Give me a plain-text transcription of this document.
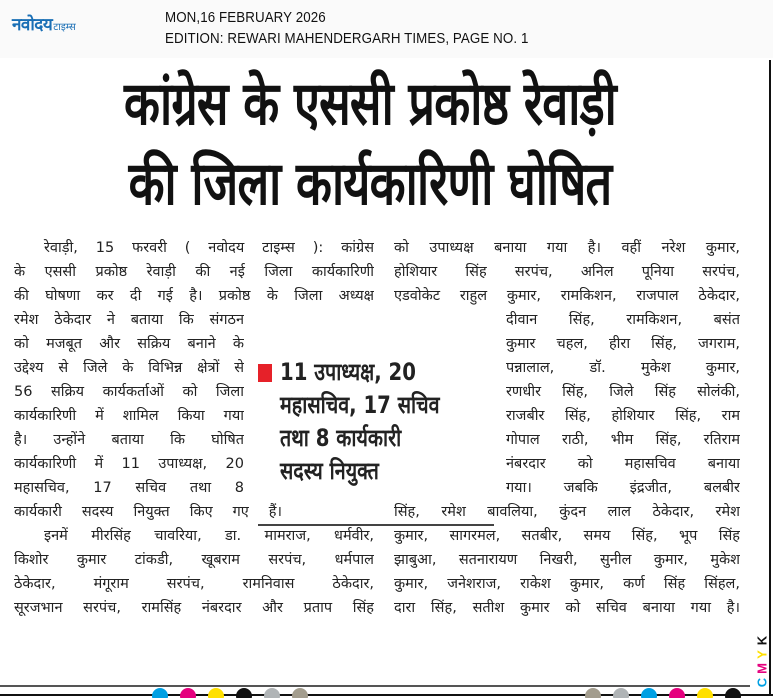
नवोदय टाइम्स
MON,16 FEBRUARY 2026
EDITION: REWARI MAHENDERGARH TIMES, PAGE NO. 1
कांग्रेस के एससी प्रकोष्ठ रेवाड़ी
की जिला कार्यकारिणी घोषित
रेवाड़ी, 15 फरवरी ( नवोदय टाइम्स ): कांग्रेस
के एससी प्रकोष्ठ रेवाड़ी की नई जिला कार्यकारिणी
की घोषणा कर दी गई है। प्रकोष्ठ के जिला अध्यक्ष
रमेश ठेकेदार ने बताया कि संगठन
को मजबूत और सक्रिय बनाने के
उद्देश्य से जिले के विभिन्न क्षेत्रों से
56 सक्रिय कार्यकर्ताओं को जिला
कार्यकारिणी में शामिल किया गया
है। उन्होंने बताया कि घोषित
कार्यकारिणी में 11 उपाध्यक्ष, 20
महासचिव, 17 सचिव तथा 8
कार्यकारी सदस्य नियुक्त किए गए हैं।
इनमें मीरसिंह चावरिया, डा. मामराज, धर्मवीर,
किशोर कुमार टांकडी, खूबराम सरपंच, धर्मपाल
ठेकेदार, मंगूराम सरपंच, रामनिवास ठेकेदार,
सूरजभान सरपंच, रामसिंह नंबरदार और प्रताप सिंह
को उपाध्यक्ष बनाया गया है। वहीं नरेश कुमार,
होशियार सिंह सरपंच, अनिल पूनिया सरपंच,
एडवोकेट राहुल कुमार, रामकिशन, राजपाल ठेकेदार,
दीवान सिंह, रामकिशन, बसंत
कुमार चहल, हीरा सिंह, जगराम,
पन्नालाल, डॉ. मुकेश कुमार,
रणधीर सिंह, जिले सिंह सोलंकी,
राजबीर सिंह, होशियार सिंह, राम
गोपाल राठी, भीम सिंह, रतिराम
नंबरदार को महासचिव बनाया
गया। जबकि इंद्रजीत, बलबीर
सिंह, रमेश बावलिया, कुंदन लाल ठेकेदार, रमेश
कुमार, सागरमल, सतबीर, समय सिंह, भूप सिंह
झाबुआ, सतनारायण निखरी, सुनील कुमार, मुकेश
कुमार, जनेशराज, राकेश कुमार, कर्ण सिंह सिंहल,
दारा सिंह, सतीश कुमार को सचिव बनाया गया है।
11 उपाध्यक्ष, 20
महासचिव, 17 सचिव
तथा 8 कार्यकारी
सदस्य नियुक्त
K
Y
M
C
